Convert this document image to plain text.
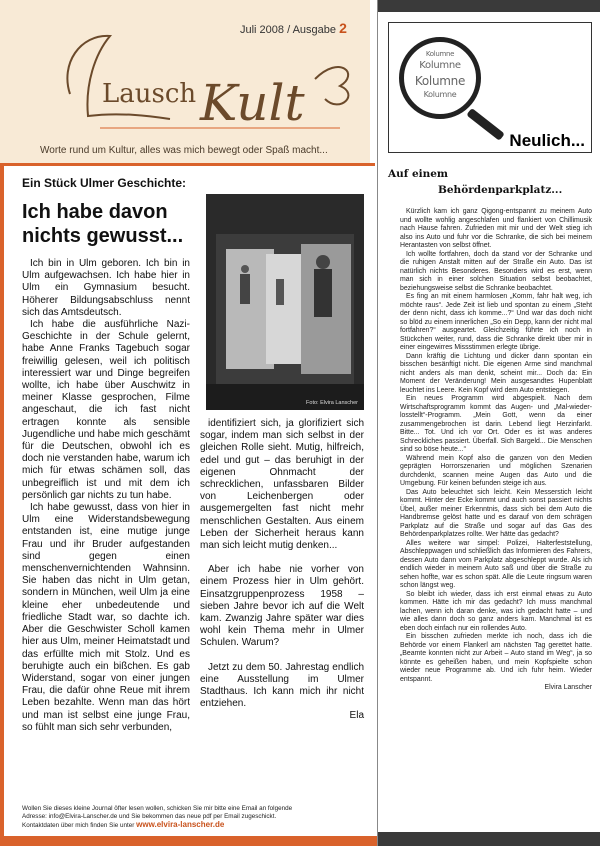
Juli 2008 / Ausgabe 2
Lausch Kult
Worte rund um Kultur, alles was mich bewegt oder Spaß macht...
Ein Stück Ulmer Geschichte:
Ich habe davon nichts gewusst...
Foto: Elvira Lanscher

Ich bin in Ulm geboren. Ich bin in Ulm aufgewachsen. Ich habe hier in Ulm ein Gymnasium besucht. Höherer Bildungsabschluss nennt sich das Amtsdeutsch.

Ich habe die ausführliche Nazi-Geschichte in der Schule gelernt, habe Anne Franks Tagebuch sogar freiwillig gelesen, weil ich politisch interessiert war und Dinge begreifen wollte, ich habe über Auschwitz in meiner Klasse gesprochen, Filme angeschaut, die ich fast nicht ertragen konnte als sensible Jugendliche und habe mich geschämt für die Deutschen, obwohl ich es doch nie verstanden habe, warum ich mich für etwas schämen soll, das unbegreiflich ist und mit dem ich persönlich gar nichts zu tun habe.

Ich habe gewusst, dass von hier in Ulm eine Widerstandsbewegung entstanden ist, eine mutige junge Frau und ihr Bruder aufgestanden sind gegen einen menschenvernichtenden Wahnsinn. Sie haben das nicht in Ulm getan, sondern in München, weil Ulm ja eine kleine eher unbedeutende und friedliche Stadt war, so dachte ich. Aber die Geschwister Scholl kamen hier aus Ulm, meiner Heimatstadt und das erfüllte mich mit Stolz. Und es beruhigte auch ein bißchen. Es gab Widerstand, sogar von einer jungen Frau, die dafür ohne Reue mit ihrem Leben bezahlte. Wenn man das hört und man ist selbst eine junge Frau, so fühlt man sich sehr verbunden,

identifiziert sich, ja glorifiziert sich sogar, indem man sich selbst in der gleichen Rolle sieht. Mutig, hilfreich, edel und gut – das beruhigt in der eigenen Ohnmacht der schrecklichen, unfassbaren Bilder von Leichenbergen oder ausgemergelten fast nicht mehr menschlichen Gestalten. Aus einem Leben der Sicherheit heraus kann man sich leicht mutig denken...

Aber ich habe nie vorher von einem Prozess hier in Ulm gehört. Einsatzgruppenprozess 1958 – sieben Jahre bevor ich auf die Welt kam. Zwanzig Jahre später war dies wohl kein Thema mehr in Ulmer Schulen. Warum?

Jetzt zu dem 50. Jahrestag endlich eine Ausstellung im Ulmer Stadthaus. Ich kann mich ihr nicht entziehen.

Ela
Wollen Sie dieses kleine Journal öfter lesen wollen, schicken Sie mir bitte eine Email an folgende
Adresse: info@Elvira-Lanscher.de und Sie bekommen das neue pdf per Email zugeschickt.
Kontaktdaten über mich finden Sie unter www.elvira-lanscher.de
Kolumne
Kolumne
Kolumne
Kolumne
Neulich...
Auf einem
Behördenparkplatz...

Kürzlich kam ich ganz Qigong-entspannt zu meinem Auto und wollte wohlig angeschlafen und flankiert von Chillimusik nach Hause fahren. Zufrieden mit mir und der Welt stieg ich also ins Auto und fuhr vor die Schranke, die sich bei meinem Herantasten von selbst öffnet.

Ich wollte fortfahren, doch da stand vor der Schranke und die ruhigen Anstalt mitten auf der Straße ein Auto. Das ist natürlich nichts Besonderes. Besonders wird es erst, wenn man sich in einer solchen Situation selbst beobachtet, beziehungsweise selbst die Schranke beobachtet.

Es fing an mit einem harmlosen „Komm, fahr halt weg, ich möchte raus“. Jede Zeit ist lieb und spontan zu einem „Steht der denn nicht, dass ich komme...?“ Und war das doch nicht so blöd zu einem innerlichen „So ein Depp, kann der nicht mal fortfahren?“ ausgeartet. Gleichzeitig führte ich noch in Stückchen weiter, rund, dass die Schranke direkt über mir in einer eingewirres Missstimmen erlegte übrige.

Dann kräftig die Lichtung und dicker dann spontan ein bisschen besänftigt nicht. Die eigenen Arme sind manchmal nicht anders als man denkt, scheint mir... Doch da: Ein Moment der Veränderung! Mein ausgesandtes Hupenblatt leuchtet ins Leere. Kein Kopf wird dem Auto entstiegen.

Ein neues Programm wird abgespielt. Nach dem Wirtschaftsprogramm kommt das Augen- und „Mal-wieder-losstellt“-Programm. „Mein Gott, wenn da einer zusammengebrochen ist darin. Lebend liegt Herzinfarkt. Bitte... Tot. Und ich vor Ort. Oder es ist was anderes Schreckliches passiert. Überfall. Sich Bargeld... Die Menschen sind so böse heute...“

Während mein Kopf also die ganzen von den Medien geprägten Horrorszenarien und möglichen Szenarien durchdenkt, scannen meine Augen das Auto und die Umgebung. Für keinen befunden steige ich aus.

Das Auto beleuchtet sich leicht. Kein Messerstich leicht kommt. Hinter der Ecke kommt und auch sonst passiert nichts Übel, außer meiner Erkenntnis, dass sich bei dem Auto die Handbremse gelöst hatte und es darauf von dem schrägen Parkplatz auf die Straße und sogar auf das Gas des Behördenparkplatzes rollte. Wer hätte das gedacht?

Alles weitere war simpel: Polizei, Halterfeststellung, Abschleppwagen und schließlich das Informieren des Fahrers, dessen Auto dann vom Parkplatz abgeschleppt wurde. Als ich endlich wieder in meinem Auto saß und über die Straße zu sehen hoffte, war es schon spät. Alle die Leute ringsum waren schon längst weg.

So bleibt ich wieder, dass ich erst einmal etwas zu Auto kommen. Hätte ich mir das gedacht? Ich muss manchmal lachen, wenn ich daran denke, was ich gedacht hatte – und wie alles dann doch so ganz anders kam. Manchmal ist es eben doch einfach nur ein rollendes Auto.

Ein bisschen zufrieden merkte ich noch, dass ich die Behörde vor einem Flankerl am nächsten Tag gerettet hatte. „Beamte konnten nicht zur Arbeit – Auto stand im Weg“, ja so könnte es geheißen haben, und mein Kopfspielte schon wieder neue Programme ab. Und ich fuhr heim. Wieder entspannt.

Elvira Lanscher
